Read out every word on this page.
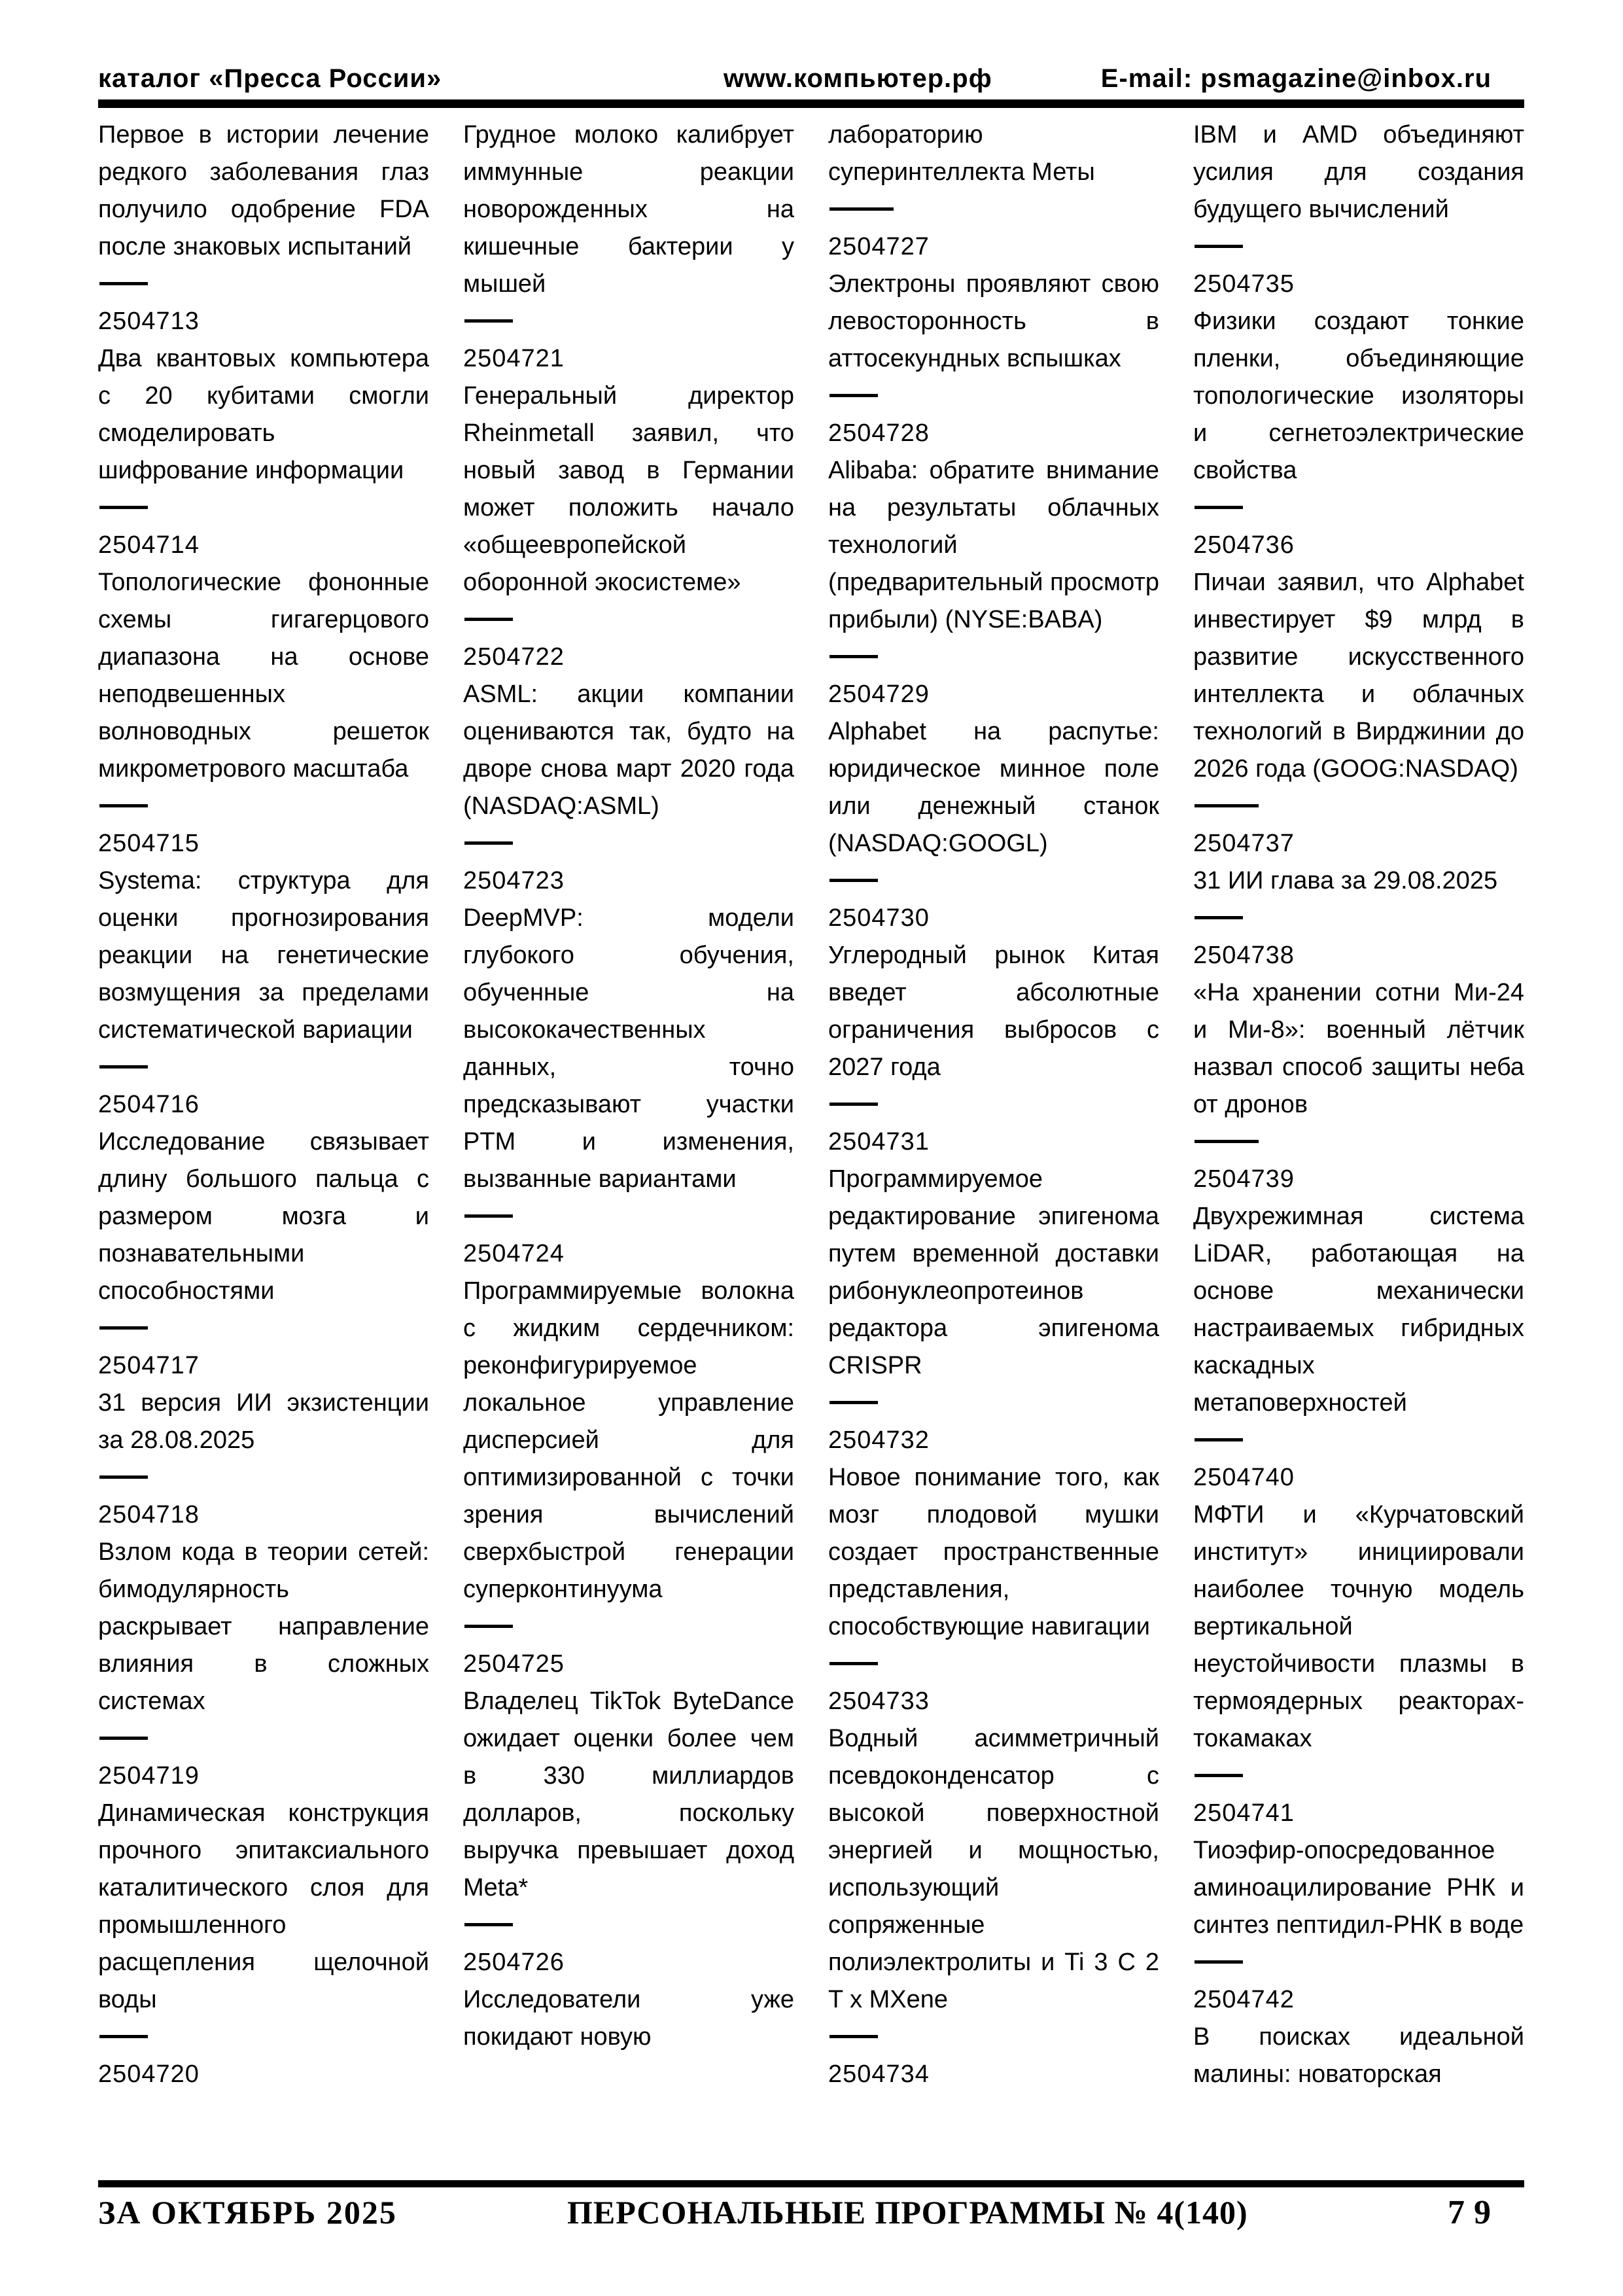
каталог «Пресса России»	www.компьютер.рф	E-mail: psmagazine@inbox.ru
Первое в истории лечение редкого заболевания глаз получило одобрение FDA после знаковых испытаний
2504713
Два квантовых компьютера с 20 кубитами смогли смоделировать шифрование информации
2504714
Топологические фононные схемы гигагерцового диапазона на основе неподвешенных волноводных решеток микрометрового масштаба
2504715
Systema: структура для оценки прогнозирования реакции на генетические возмущения за пределами систематической вариации
2504716
Исследование связывает длину большого пальца с размером мозга и познавательными способностями
2504717
31 версия ИИ экзистенции за 28.08.2025
2504718
Взлом кода в теории сетей: бимодулярность раскрывает направление влияния в сложных системах
2504719
Динамическая конструкция прочного эпитаксиального каталитического слоя для промышленного расщепления щелочной воды
2504720
Грудное молоко калибрует иммунные реакции новорожденных на кишечные бактерии у мышей
2504721
Генеральный директор Rheinmetall заявил, что новый завод в Германии может положить начало «общеевропейской оборонной экосистеме»
2504722
ASML: акции компании оцениваются так, будто на дворе снова март 2020 года (NASDAQ:ASML)
2504723
DeepMVP: модели глубокого обучения, обученные на высококачественных данных, точно предсказывают участки PTM и изменения, вызванные вариантами
2504724
Программируемые волокна с жидким сердечником: реконфигурируемое локальное управление дисперсией для оптимизированной с точки зрения вычислений сверхбыстрой генерации суперконтинуума
2504725
Владелец TikTok ByteDance ожидает оценки более чем в 330 миллиардов долларов, поскольку выручка превышает доход Meta*
2504726
Исследователи уже покидают новую
лабораторию суперинтеллекта Меты
2504727
Электроны проявляют свою левосторонность в аттосекундных вспышках
2504728
Alibaba: обратите внимание на результаты облачных технологий (предварительный просмотр прибыли) (NYSE:BABA)
2504729
Alphabet на распутье: юридическое минное поле или денежный станок (NASDAQ:GOOGL)
2504730
Углеродный рынок Китая введет абсолютные ограничения выбросов с 2027 года
2504731
Программируемое редактирование эпигенома путем временной доставки рибонуклеопротеинов редактора эпигенома CRISPR
2504732
Новое понимание того, как мозг плодовой мушки создает пространственные представления, способствующие навигации
2504733
Водный асимметричный псевдоконденсатор с высокой поверхностной энергией и мощностью, использующий сопряженные полиэлектролиты и Ti 3 C 2 T x MXene
2504734
IBM и AMD объединяют усилия для создания будущего вычислений
2504735
Физики создают тонкие пленки, объединяющие топологические изоляторы и сегнетоэлектрические свойства
2504736
Пичаи заявил, что Alphabet инвестирует $9 млрд в развитие искусственного интеллекта и облачных технологий в Вирджинии до 2026 года (GOOG:NASDAQ)
2504737
31 ИИ глава за 29.08.2025
2504738
«На хранении сотни Ми-24 и Ми-8»: военный лётчик назвал способ защиты неба от дронов
2504739
Двухрежимная система LiDAR, работающая на основе механически настраиваемых гибридных каскадных метаповерхностей
2504740
МФТИ и «Курчатовский институт» инициировали наиболее точную модель вертикальной неустойчивости плазмы в термоядерных реакторах-токамаках
2504741
Тиоэфир-опосредованное аминоацилирование РНК и синтез пептидил-РНК в воде
2504742
В поисках идеальной малины: новаторская
ЗА ОКТЯБРЬ 2025	ПЕРСОНАЛЬНЫЕ ПРОГРАММЫ № 4(140)	79
